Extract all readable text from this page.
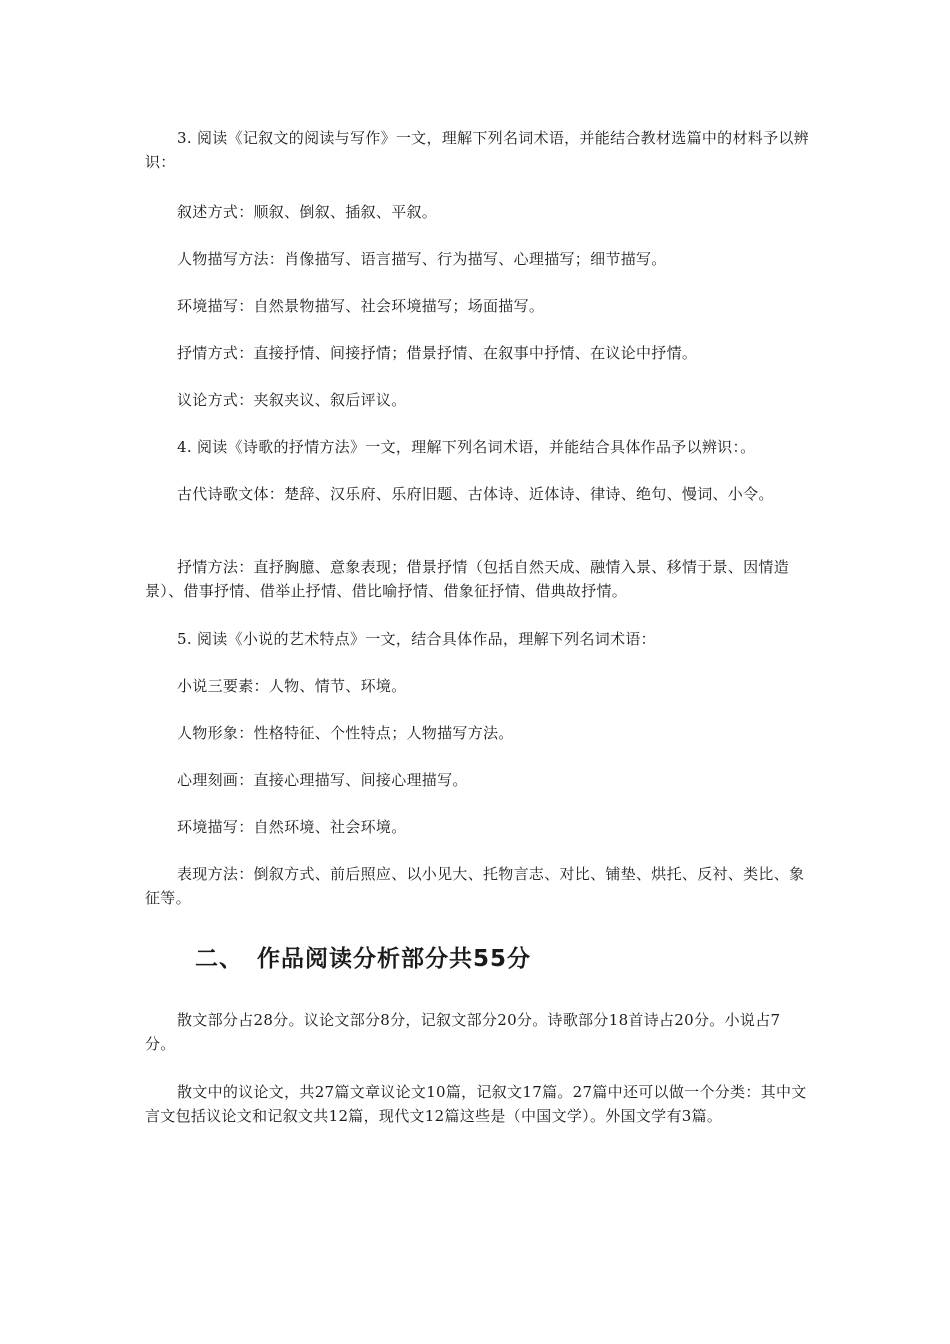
3. 阅读《记叙文的阅读与写作》一文，理解下列名词术语，并能结合教材选篇中的材料予以辨识：

叙述方式：顺叙、倒叙、插叙、平叙。

人物描写方法：肖像描写、语言描写、行为描写、心理描写；细节描写。

环境描写：自然景物描写、社会环境描写；场面描写。

抒情方式：直接抒情、间接抒情；借景抒情、在叙事中抒情、在议论中抒情。

议论方式：夹叙夹议、叙后评议。

4. 阅读《诗歌的抒情方法》一文，理解下列名词术语，并能结合具体作品予以辨识：。

古代诗歌文体：楚辞、汉乐府、乐府旧题、古体诗、近体诗、律诗、绝句、慢词、小令。

抒情方法：直抒胸臆、意象表现；借景抒情（包括自然天成、融情入景、移情于景、因情造景）、借事抒情、借举止抒情、借比喻抒情、借象征抒情、借典故抒情。

5. 阅读《小说的艺术特点》一文，结合具体作品，理解下列名词术语：

小说三要素：人物、情节、环境。

人物形象：性格特征、个性特点；人物描写方法。

心理刻画：直接心理描写、间接心理描写。

环境描写：自然环境、社会环境。

表现方法：倒叙方式、前后照应、以小见大、托物言志、对比、铺垫、烘托、反衬、类比、象征等。

二、 作品阅读分析部分共55分

散文部分占28分。议论文部分8分，记叙文部分20分。诗歌部分18首诗占20分。小说占7分。

散文中的议论文，共27篇文章议论文10篇，记叙文17篇。27篇中还可以做一个分类：其中文言文包括议论文和记叙文共12篇，现代文12篇这些是（中国文学）。外国文学有3篇。
